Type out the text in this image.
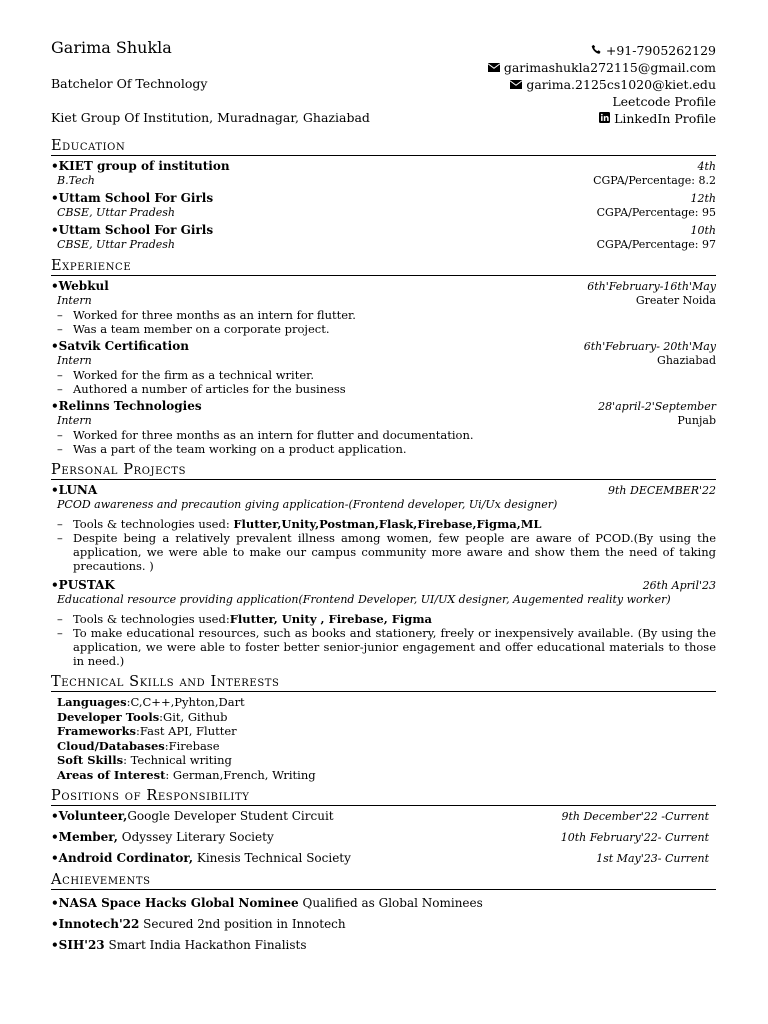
Garima Shukla
Batchelor Of Technology
Kiet Group Of Institution, Muradnagar, Ghaziabad
+91-7905262129
garimashukla272115@gmail.com
garima.2125cs1020@kiet.edu
Leetcode Profile
LinkedIn Profile
Education
•KIET group of institution	4th
B.Tech	CGPA/Percentage: 8.2
•Uttam School For Girls	12th
CBSE, Uttar Pradesh	CGPA/Percentage: 95
•Uttam School For Girls	10th
CBSE, Uttar Pradesh	CGPA/Percentage: 97
Experience
•Webkul	6th'February-16th'May
Intern	Greater Noida
– Worked for three months as an intern for flutter.
– Was a team member on a corporate project.
•Satvik Certification	6th'February- 20th'May
Intern	Ghaziabad
– Worked for the firm as a technical writer.
– Authored a number of articles for the business
•Relinns Technologies	28'april-2'September
Intern	Punjab
– Worked for three months as an intern for flutter and documentation.
– Was a part of the team working on a product application.
Personal Projects
•LUNA	9th DECEMBER'22
PCOD awareness and precaution giving application-(Frontend developer, Ui/Ux designer)
– Tools & technologies used: Flutter,Unity,Postman,Flask,Firebase,Figma,ML
– Despite being a relatively prevalent illness among women, few people are aware of PCOD.(By using the application, we were able to make our campus community more aware and show them the need of taking precautions. )
•PUSTAK	26th April'23
Educational resource providing application(Frontend Developer, UI/UX designer, Augemented reality worker)
– Tools & technologies used:Flutter, Unity , Firebase, Figma
– To make educational resources, such as books and stationery, freely or inexpensively available. (By using the application, we were able to foster better senior-junior engagement and offer educational materials to those in need.)
Technical Skills and Interests
Languages:C,C++,Pyhton,Dart
Developer Tools:Git, Github
Frameworks:Fast API, Flutter
Cloud/Databases:Firebase
Soft Skills: Technical writing
Areas of Interest: German,French, Writing
Positions of Responsibility
•Volunteer,Google Developer Student Circuit	9th December'22 -Current
•Member, Odyssey Literary Society	10th February'22- Current
•Android Cordinator, Kinesis Technical Society	1st May'23- Current
Achievements
•NASA Space Hacks Global Nominee Qualified as Global Nominees
•Innotech'22 Secured 2nd position in Innotech
•SIH'23 Smart India Hackathon Finalists
